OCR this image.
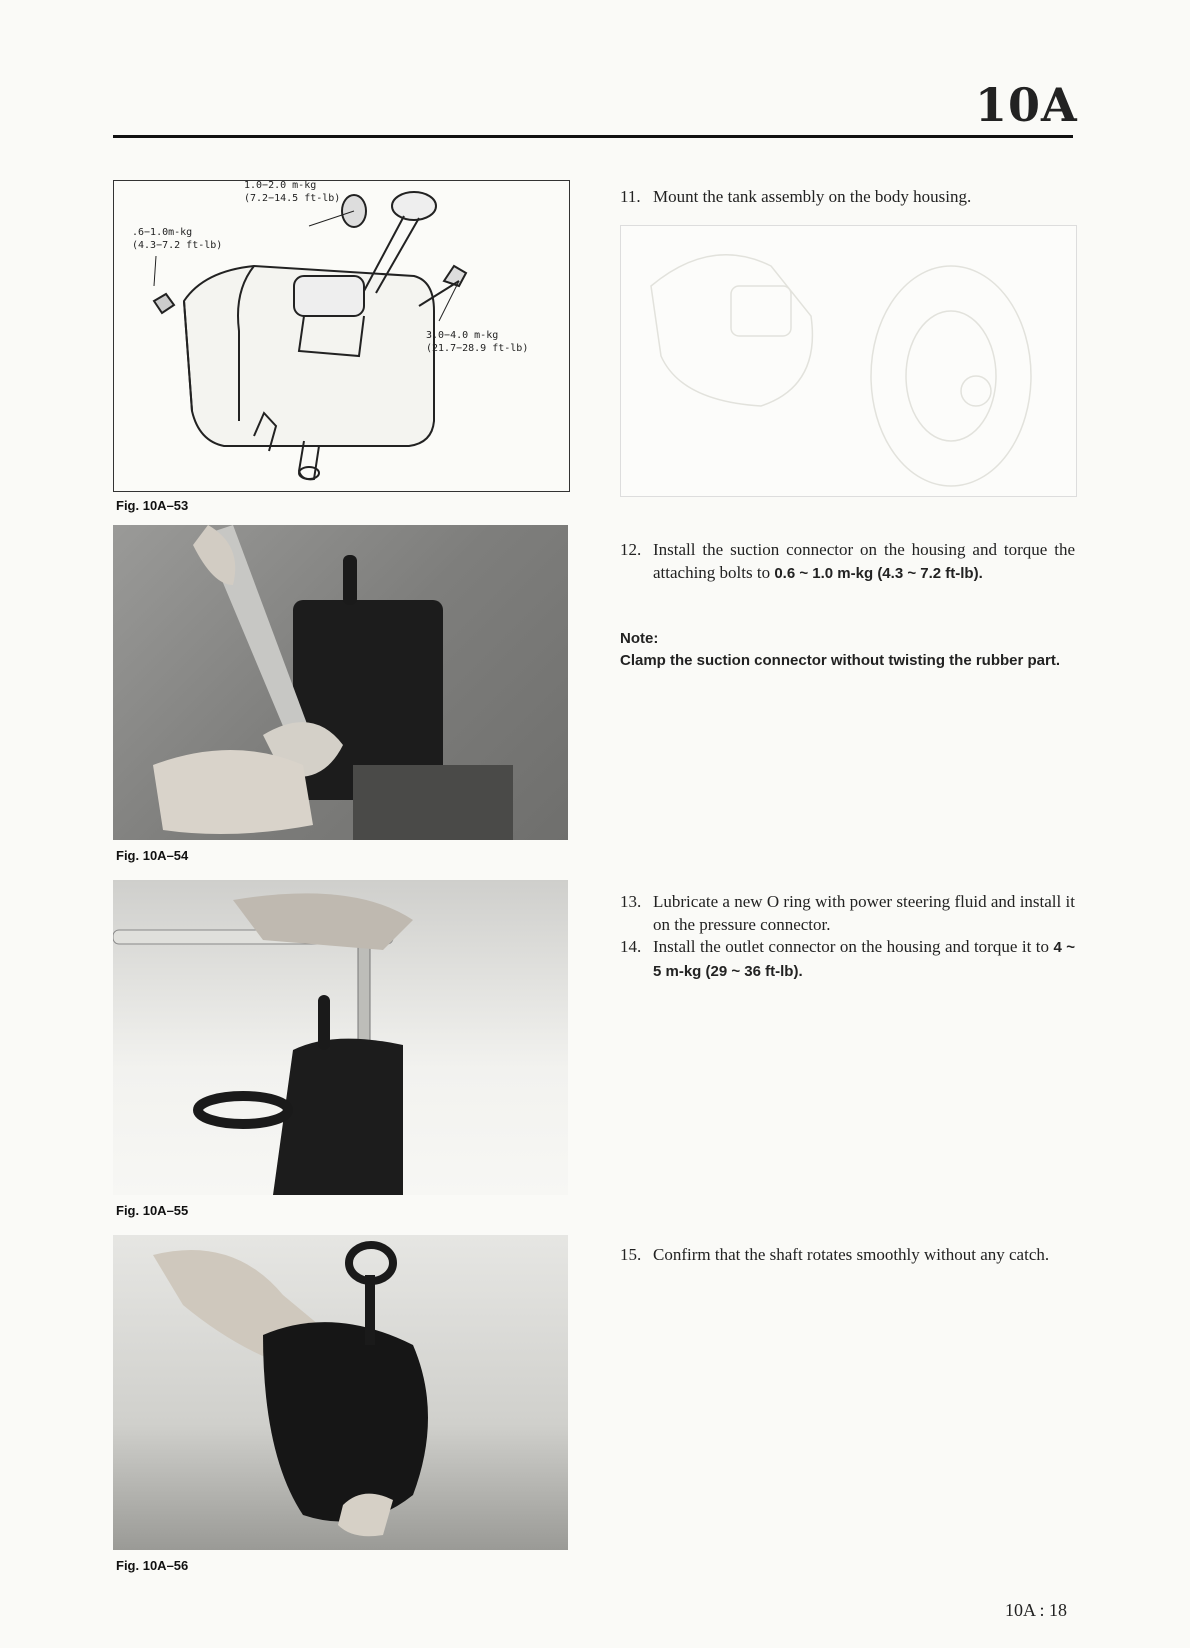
10A
1.0−2.0 m-kg
(7.2−14.5 ft-lb)
.6−1.0m-kg
(4.3−7.2 ft-lb)
3.0−4.0 m-kg
(21.7−28.9 ft-lb)
Fig. 10A–53
Fig. 10A–54
Fig. 10A–55
Fig. 10A–56
11. Mount the tank assembly on the body housing.
12. Install the suction connector on the housing and torque the attaching bolts to 0.6 ~ 1.0 m-kg (4.3 ~ 7.2 ft-lb).
Note:
Clamp the suction connector without twisting the rubber part.
13. Lubricate a new O ring with power steering fluid and install it on the pressure connector.
14. Install the outlet connector on the housing and torque it to 4 ~ 5 m-kg (29 ~ 36 ft-lb).
15. Confirm that the shaft rotates smoothly without any catch.
10A : 18
